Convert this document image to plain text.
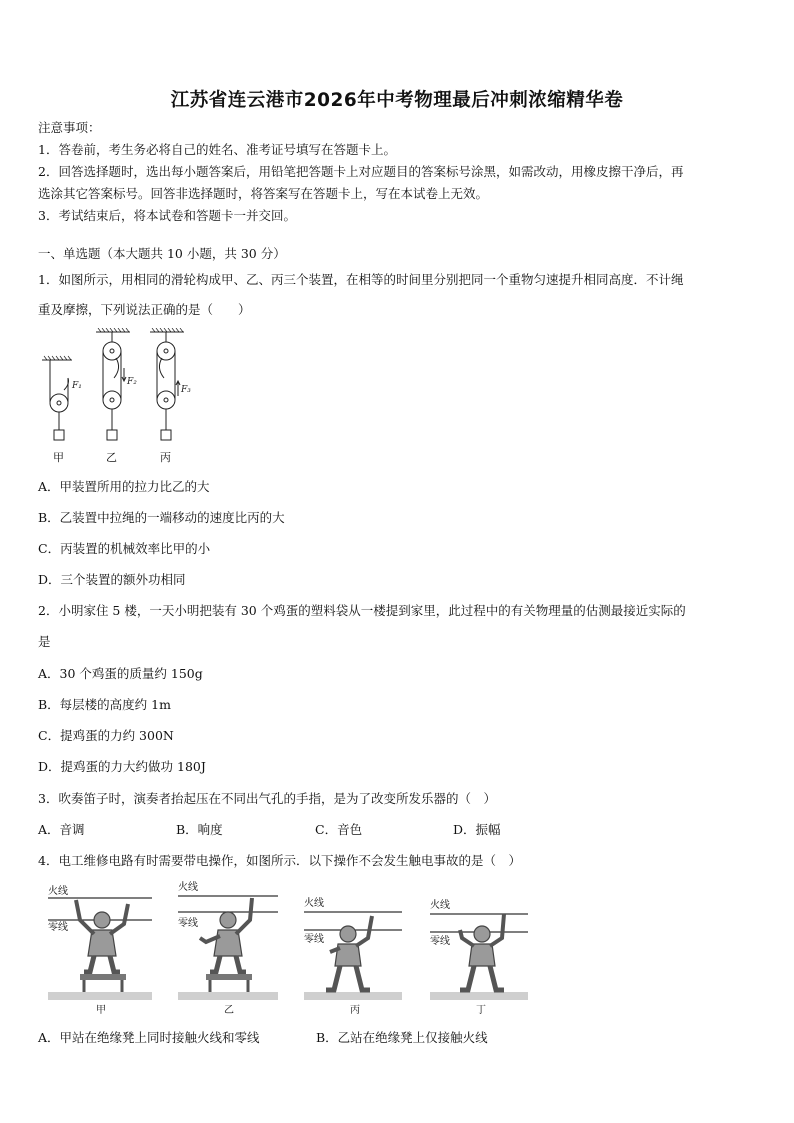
江苏省连云港市2026年中考物理最后冲刺浓缩精华卷
注意事项：
1．答卷前，考生务必将自己的姓名、准考证号填写在答题卡上。
2．回答选择题时，选出每小题答案后，用铅笔把答题卡上对应题目的答案标号涂黑，如需改动，用橡皮擦干净后，再
选涂其它答案标号。回答非选择题时，将答案写在答题卡上，写在本试卷上无效。
3．考试结束后，将本试卷和答题卡一并交回。
一、单选题（本大题共 10 小题，共 30 分）
1．如图所示，用相同的滑轮构成甲、乙、丙三个装置，在相等的时间里分别把同一个重物匀速提升相同高度．不计绳
重及摩擦，下列说法正确的是（　　）
F₁
甲
F₂
乙
F₃
丙
A．甲装置所用的拉力比乙的大
B．乙装置中拉绳的一端移动的速度比丙的大
C．丙装置的机械效率比甲的小
D．三个装置的额外功相同
2．小明家住 5 楼，一天小明把装有 30 个鸡蛋的塑料袋从一楼提到家里，此过程中的有关物理量的估测最接近实际的
是
A．30 个鸡蛋的质量约 150g
B．每层楼的高度约 1m
C．提鸡蛋的力约 300N
D．提鸡蛋的力大约做功 180J
3．吹奏笛子时，演奏者抬起压在不同出气孔的手指，是为了改变所发乐器的（　）
A．音调	B．响度	C．音色	D．振幅
4．电工维修电路有时需要带电操作，如图所示．以下操作不会发生触电事故的是（　）
火线
零线
甲
火线
零线
乙
火线
零线
丙
火线
零线
丁
A．甲站在绝缘凳上同时接触火线和零线	B．乙站在绝缘凳上仅接触火线
